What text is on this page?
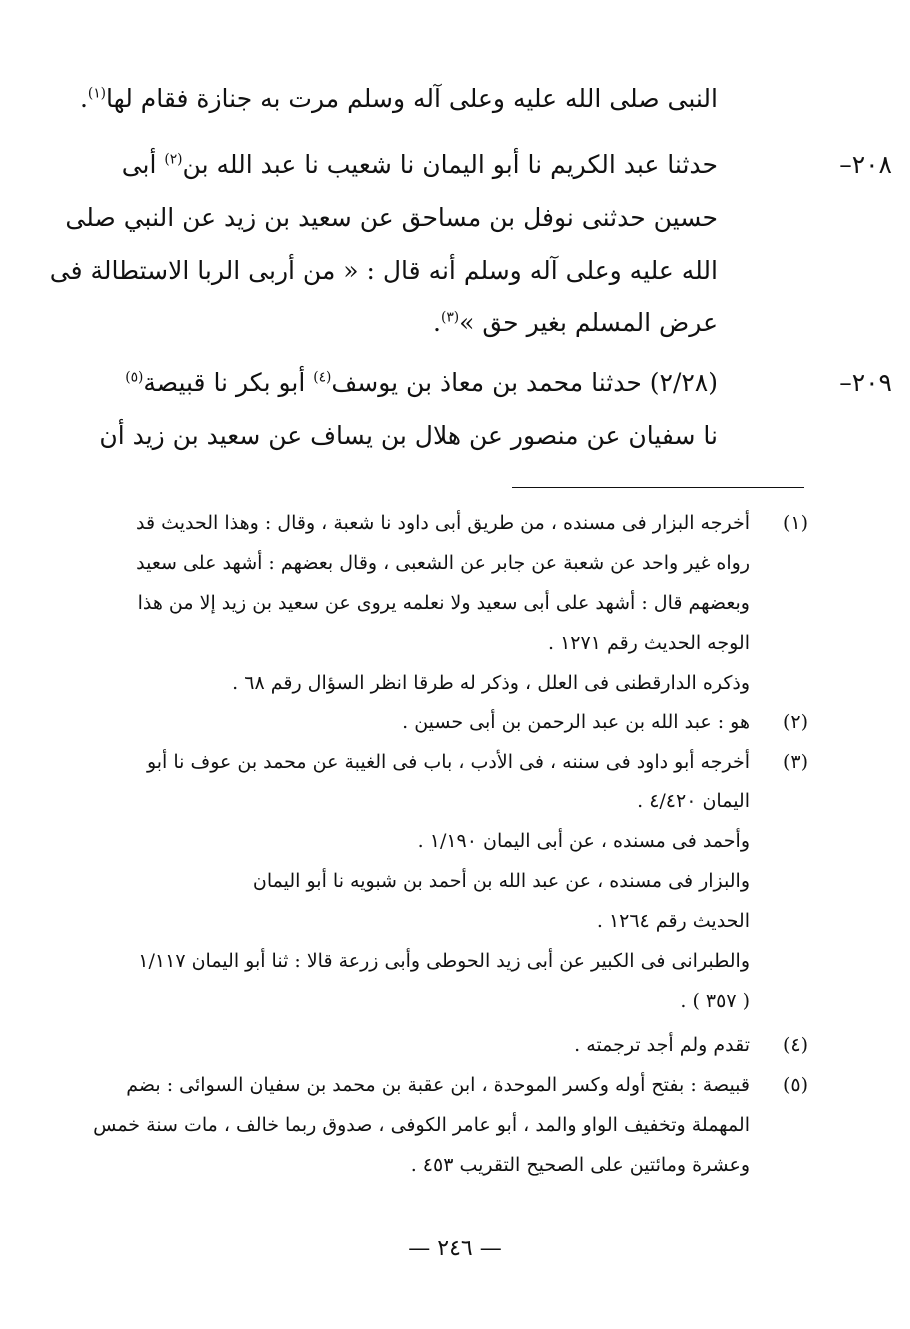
النبى صلى الله عليه وعلى آله وسلم مرت به جنازة فقام لها$^{(١)}$.
٢٠٨–
حدثنا عبد الكريم نا أبو اليمان نا شعيب نا عبد الله بن$^{(٢)}$ أبى
حسين حدثنى نوفل بن مساحق عن سعيد بن زيد عن النبي صلى
الله عليه وعلى آله وسلم أنه قال : « من أربى الربا الاستطالة فى
عرض المسلم بغير حق »$^{(٣)}$.
٢٠٩–
(٢/٢٨) حدثنا محمد بن معاذ بن يوسف$^{(٤)}$ أبو بكر نا قبيصة$^{(٥)}$
نا سفيان عن منصور عن هلال بن يساف عن سعيد بن زيد أن
(١)
أخرجه البزار فى مسنده ، من طريق أبى داود نا شعبة ، وقال : وهذا الحديث قد
رواه غير واحد عن شعبة عن جابر عن الشعبى ، وقال بعضهم : أشهد على سعيد
وبعضهم قال : أشهد على أبى سعيد ولا نعلمه يروى عن سعيد بن زيد إلا من هذا
الوجه الحديث رقم ١٢٧١ .
وذكره الدارقطنى فى العلل ، وذكر له طرقا انظر السؤال رقم ٦٨ .
(٢)
هو : عبد الله بن عبد الرحمن بن أبى حسين .
(٣)
أخرجه أبو داود فى سننه ، فى الأدب ، باب فى الغيبة عن محمد بن عوف نا أبو
اليمان ٤/٤٢٠ .
وأحمد فى مسنده ، عن أبى اليمان ١/١٩٠ .
والبزار فى مسنده ، عن عبد الله بن أحمد بن شبويه نا أبو اليمان
الحديث رقم ١٢٦٤ .
والطبرانى فى الكبير عن أبى زيد الحوطى وأبى زرعة قالا : ثنا أبو اليمان ١/١١٧
( ٣٥٧ ) .
(٤)
تقدم ولم أجد ترجمته .
(٥)
قبيصة : بفتح أوله وكسر الموحدة ، ابن عقبة بن محمد بن سفيان السوائى : بضم
المهملة وتخفيف الواو والمد ، أبو عامر الكوفى ، صدوق ربما خالف ، مات سنة خمس
وعشرة ومائتين على الصحيح التقريب ٤٥٣ .
— ٢٤٦ —
